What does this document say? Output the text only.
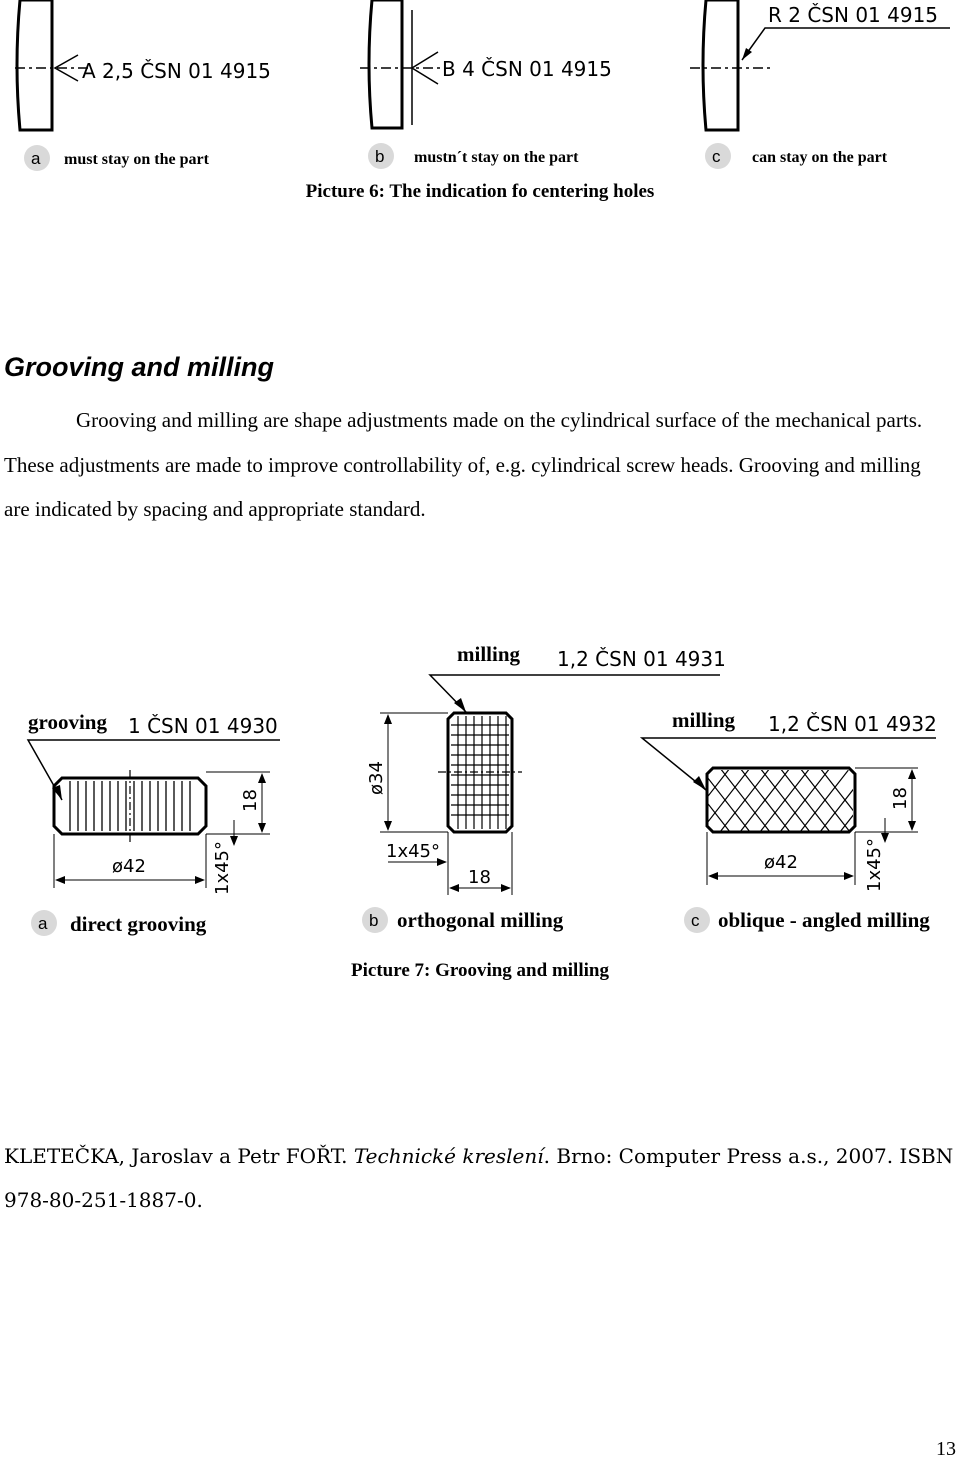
A 2,5 ČSN 01 4915	B 4 ČSN 01 4915
R 2 ČSN 01 4915
a must stay on the part	b mustn´t stay on the part	c can stay on the part
Picture 6: The indication fo centering holes
Grooving and milling
Grooving and milling are shape adjustments made on the cylindrical surface of the mechanical parts. These adjustments are made to improve controllability of, e.g. cylindrical screw heads. Grooving and milling are indicated by spacing and appropriate standard.
grooving 1 ČSN 01 4930
18
ø42	1x45°
milling 1,2 ČSN 01 4931
ø34
1x45°
18
milling 1,2 ČSN 01 4932
18
ø42	1x45°
a direct grooving	b orthogonal milling	c oblique - angled milling
Picture 7: Grooving and milling
KLETEČKA, Jaroslav a Petr FOŘT. Technické kreslení. Brno: Computer Press a.s., 2007. ISBN 978-80-251-1887-0.
13
